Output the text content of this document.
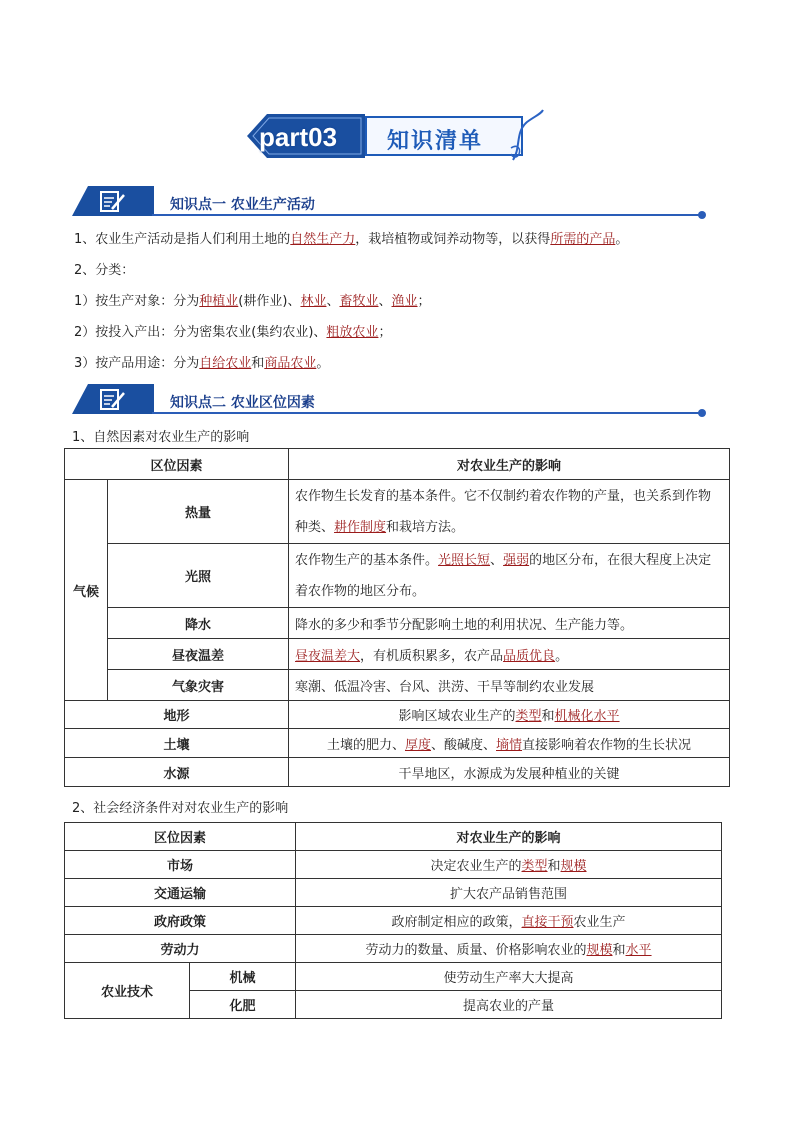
part03 知识清单
知识点一 农业生产活动
1、农业生产活动是指人们利用土地的自然生产力，栽培植物或饲养动物等，以获得所需的产品。
2、分类：
1）按生产对象：分为种植业(耕作业)、林业、畜牧业、渔业；
2）按投入产出：分为密集农业(集约农业)、粗放农业；
3）按产品用途：分为自给农业和商品农业。
知识点二 农业区位因素
1、自然因素对农业生产的影响
区位因素		对农业生产的影响
气候	热量	农作物生长发育的基本条件。它不仅制约着农作物的产量，也关系到作物种类、耕作制度和栽培方法。
	光照	农作物生产的基本条件。光照长短、强弱的地区分布，在很大程度上决定着农作物的地区分布。
	降水	降水的多少和季节分配影响土地的利用状况、生产能力等。
	昼夜温差	昼夜温差大，有机质积累多，农产品品质优良。
	气象灾害	寒潮、低温冷害、台风、洪涝、干旱等制约农业发展
地形		影响区域农业生产的类型和机械化水平
土壤		土壤的肥力、厚度、酸碱度、墒情直接影响着农作物的生长状况
水源		干旱地区，水源成为发展种植业的关键
2、社会经济条件对对农业生产的影响
区位因素		对农业生产的影响
市场		决定农业生产的类型和规模
交通运输		扩大农产品销售范围
政府政策		政府制定相应的政策，直接干预农业生产
劳动力		劳动力的数量、质量、价格影响农业的规模和水平
农业技术	机械	使劳动生产率大大提高
	化肥	提高农业的产量
